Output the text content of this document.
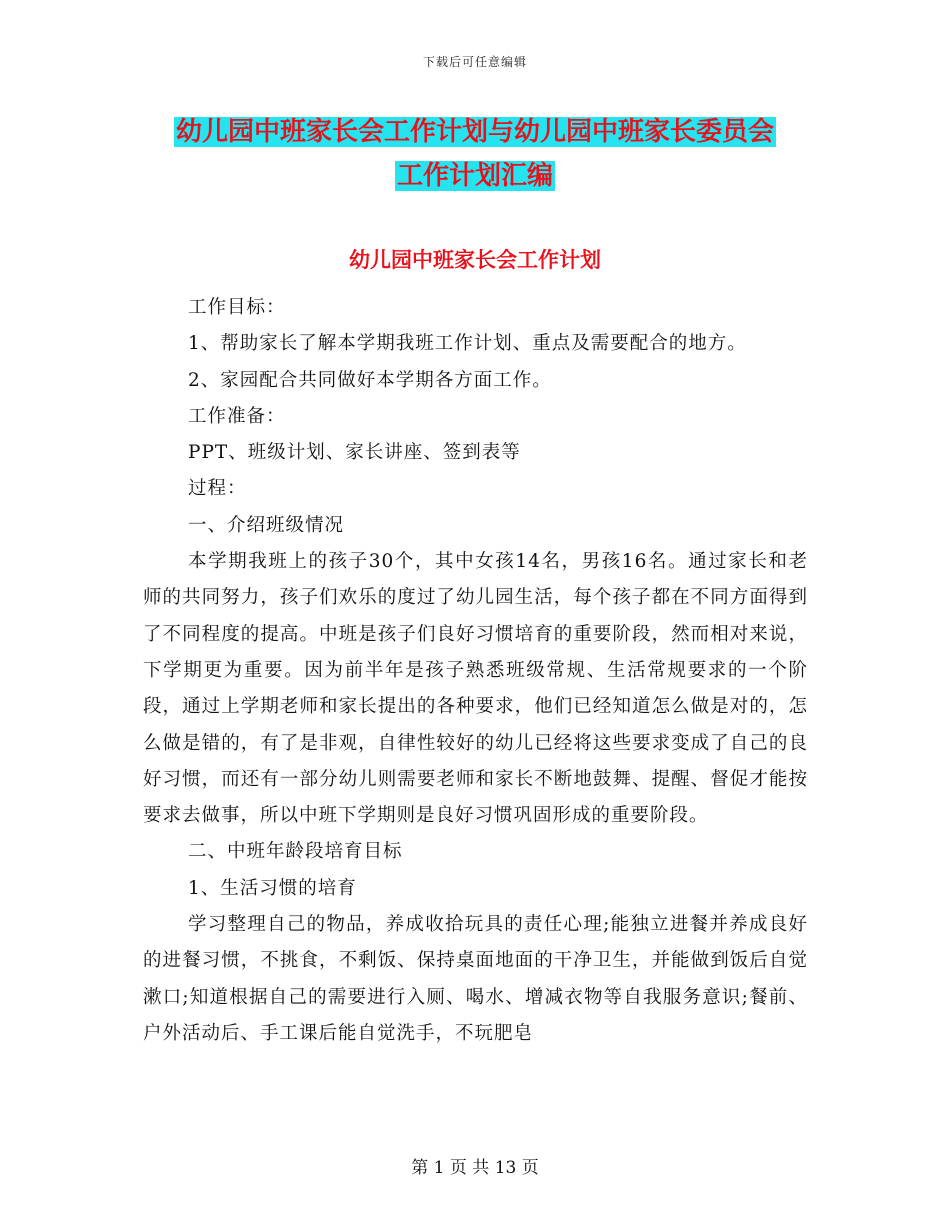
下载后可任意编辑
幼儿园中班家长会工作计划与幼儿园中班家长委员会
工作计划汇编
幼儿园中班家长会工作计划

工作目标：

1、帮助家长了解本学期我班工作计划、重点及需要配合的地方。

2、家园配合共同做好本学期各方面工作。

工作准备：

PPT、班级计划、家长讲座、签到表等

过程：

一、介绍班级情况

本学期我班上的孩子30个，其中女孩14名，男孩16名。通过家长和老师的共同努力，孩子们欢乐的度过了幼儿园生活，每个孩子都在不同方面得到了不同程度的提高。中班是孩子们良好习惯培育的重要阶段，然而相对来说，下学期更为重要。因为前半年是孩子熟悉班级常规、生活常规要求的一个阶段，通过上学期老师和家长提出的各种要求，他们已经知道怎么做是对的，怎么做是错的，有了是非观，自律性较好的幼儿已经将这些要求变成了自己的良好习惯，而还有一部分幼儿则需要老师和家长不断地鼓舞、提醒、督促才能按要求去做事，所以中班下学期则是良好习惯巩固形成的重要阶段。

二、中班年龄段培育目标

1、生活习惯的培育

学习整理自己的物品，养成收拾玩具的责任心理;能独立进餐并养成良好的进餐习惯，不挑食，不剩饭、保持桌面地面的干净卫生，并能做到饭后自觉漱口;知道根据自己的需要进行入厕、喝水、增减衣物等自我服务意识;餐前、户外活动后、手工课后能自觉洗手，不玩肥皂

第 1 页 共 13 页
